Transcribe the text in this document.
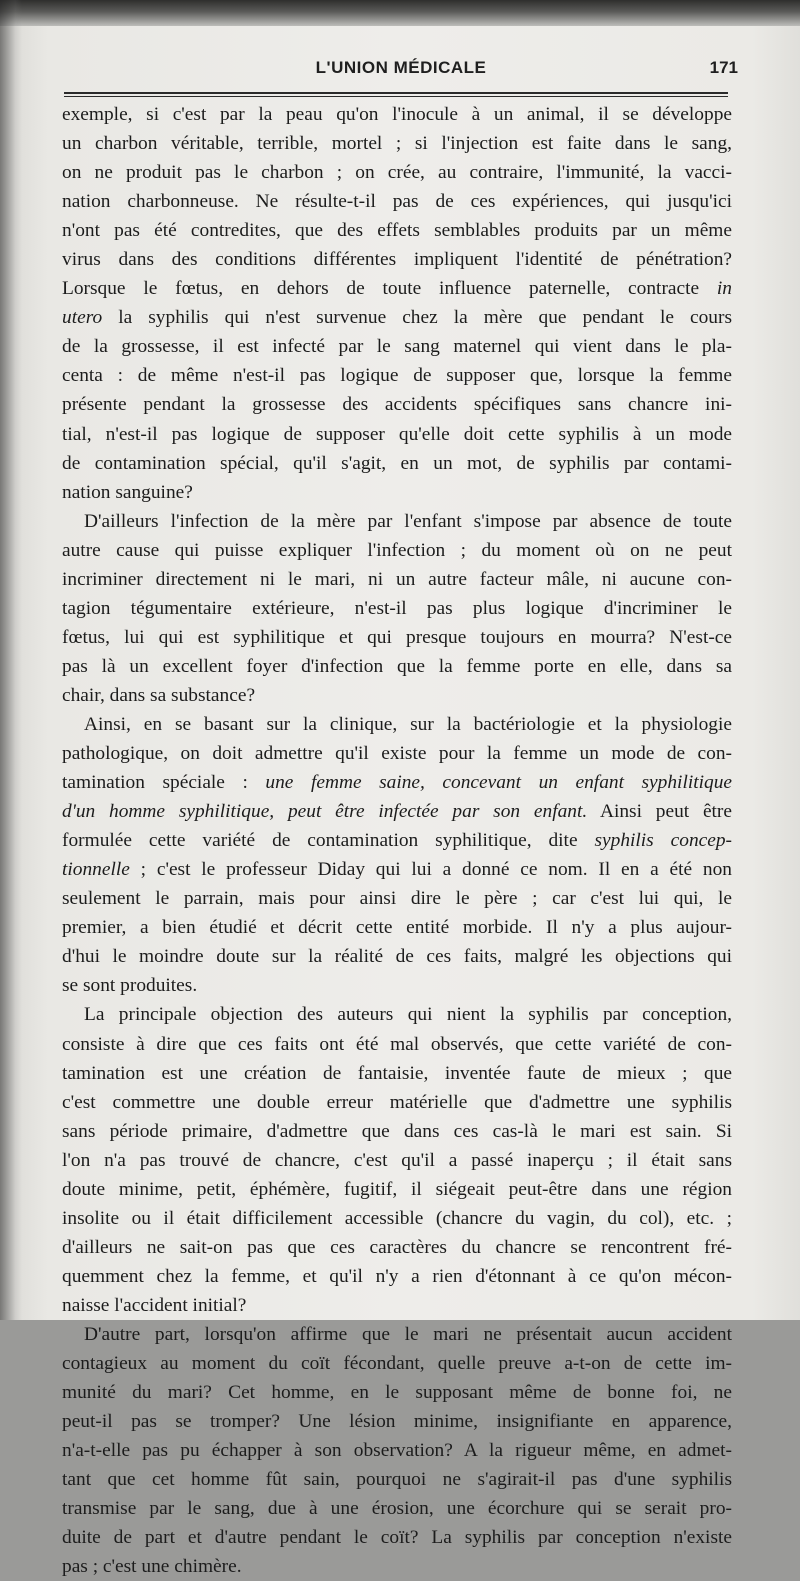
L'UNION MÉDICALE	171
exemple, si c'est par la peau qu'on l'inocule à un animal, il se développe
un charbon véritable, terrible, mortel ; si l'injection est faite dans le sang,
on ne produit pas le charbon ; on crée, au contraire, l'immunité, la vacci-
nation charbonneuse. Ne résulte-t-il pas de ces expériences, qui jusqu'ici
n'ont pas été contredites, que des effets semblables produits par un même
virus dans des conditions différentes impliquent l'identité de pénétration?
Lorsque le fœtus, en dehors de toute influence paternelle, contracte in
utero la syphilis qui n'est survenue chez la mère que pendant le cours
de la grossesse, il est infecté par le sang maternel qui vient dans le pla-
centa : de même n'est-il pas logique de supposer que, lorsque la femme
présente pendant la grossesse des accidents spécifiques sans chancre ini-
tial, n'est-il pas logique de supposer qu'elle doit cette syphilis à un mode
de contamination spécial, qu'il s'agit, en un mot, de syphilis par contami-
nation sanguine?
D'ailleurs l'infection de la mère par l'enfant s'impose par absence de toute
autre cause qui puisse expliquer l'infection ; du moment où on ne peut
incriminer directement ni le mari, ni un autre facteur mâle, ni aucune con-
tagion tégumentaire extérieure, n'est-il pas plus logique d'incriminer le
fœtus, lui qui est syphilitique et qui presque toujours en mourra? N'est-ce
pas là un excellent foyer d'infection que la femme porte en elle, dans sa
chair, dans sa substance?
Ainsi, en se basant sur la clinique, sur la bactériologie et la physiologie
pathologique, on doit admettre qu'il existe pour la femme un mode de con-
tamination spéciale : une femme saine, concevant un enfant syphilitique
d'un homme syphilitique, peut être infectée par son enfant. Ainsi peut être
formulée cette variété de contamination syphilitique, dite syphilis concep-
tionnelle ; c'est le professeur Diday qui lui a donné ce nom. Il en a été non
seulement le parrain, mais pour ainsi dire le père ; car c'est lui qui, le
premier, a bien étudié et décrit cette entité morbide. Il n'y a plus aujour-
d'hui le moindre doute sur la réalité de ces faits, malgré les objections qui
se sont produites.
La principale objection des auteurs qui nient la syphilis par conception,
consiste à dire que ces faits ont été mal observés, que cette variété de con-
tamination est une création de fantaisie, inventée faute de mieux ; que
c'est commettre une double erreur matérielle que d'admettre une syphilis
sans période primaire, d'admettre que dans ces cas-là le mari est sain. Si
l'on n'a pas trouvé de chancre, c'est qu'il a passé inaperçu ; il était sans
doute minime, petit, éphémère, fugitif, il siégeait peut-être dans une région
insolite ou il était difficilement accessible (chancre du vagin, du col), etc. ;
d'ailleurs ne sait-on pas que ces caractères du chancre se rencontrent fré-
quemment chez la femme, et qu'il n'y a rien d'étonnant à ce qu'on mécon-
naisse l'accident initial?
D'autre part, lorsqu'on affirme que le mari ne présentait aucun accident
contagieux au moment du coït fécondant, quelle preuve a-t-on de cette im-
munité du mari? Cet homme, en le supposant même de bonne foi, ne
peut-il pas se tromper? Une lésion minime, insignifiante en apparence,
n'a-t-elle pas pu échapper à son observation? A la rigueur même, en admet-
tant que cet homme fût sain, pourquoi ne s'agirait-il pas d'une syphilis
transmise par le sang, due à une érosion, une écorchure qui se serait pro-
duite de part et d'autre pendant le coït? La syphilis par conception n'existe
pas ; c'est une chimère.
